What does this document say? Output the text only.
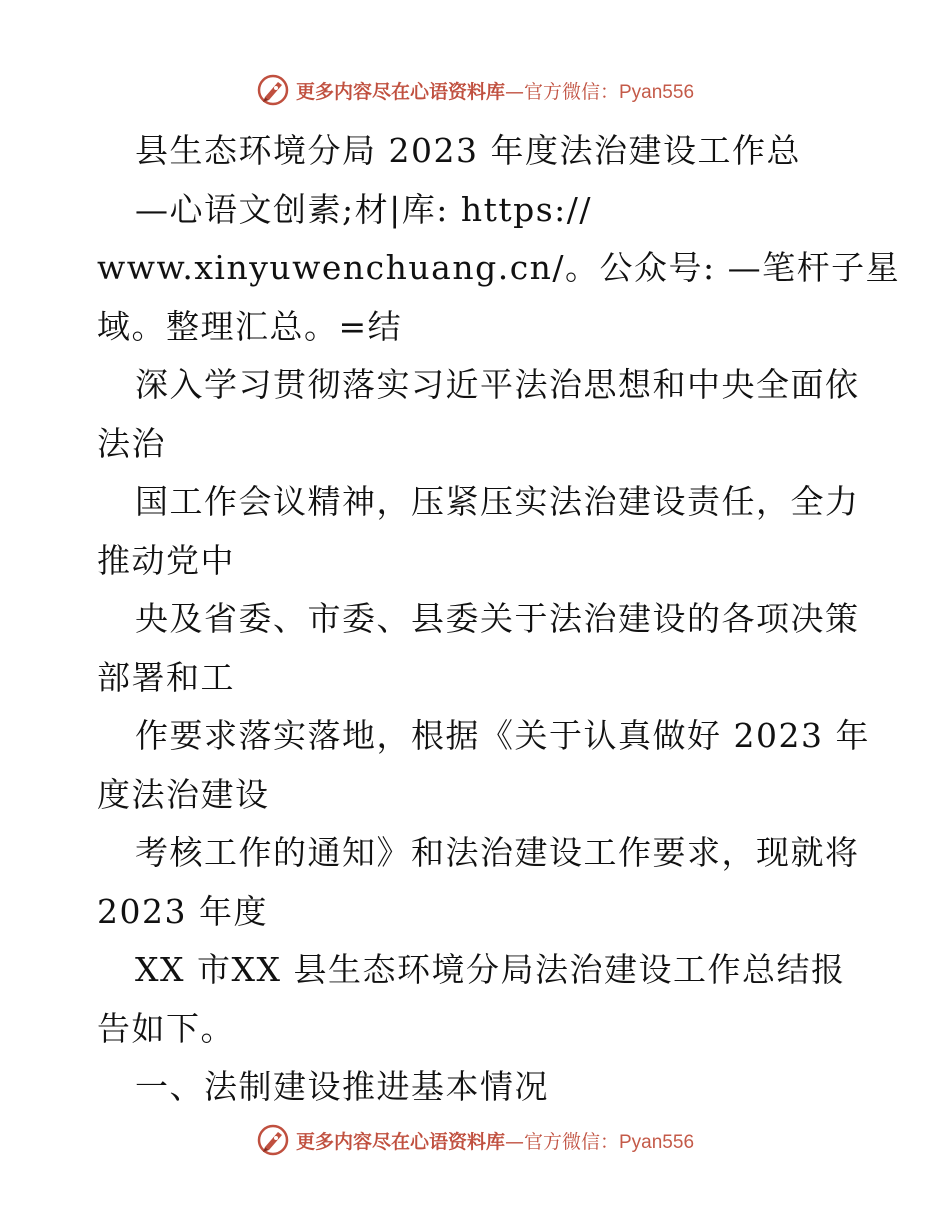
更多内容尽在心语资料库—官方微信：Pyan556
县生态环境分局 2023 年度法治建设工作总
—心语文创素;材|库: https://
www.xinyuwenchuang.cn/。公众号: —笔杆子星
域。整理汇总。=结
深入学习贯彻落实习近平法治思想和中央全面依
法治
国工作会议精神，压紧压实法治建设责任，全力
推动党中
央及省委、市委、县委关于法治建设的各项决策
部署和工
作要求落实落地，根据《关于认真做好 2023 年
度法治建设
考核工作的通知》和法治建设工作要求，现就将
2023 年度
XX 市XX 县生态环境分局法治建设工作总结报
告如下。
一、法制建设推进基本情况
更多内容尽在心语资料库—官方微信：Pyan556
